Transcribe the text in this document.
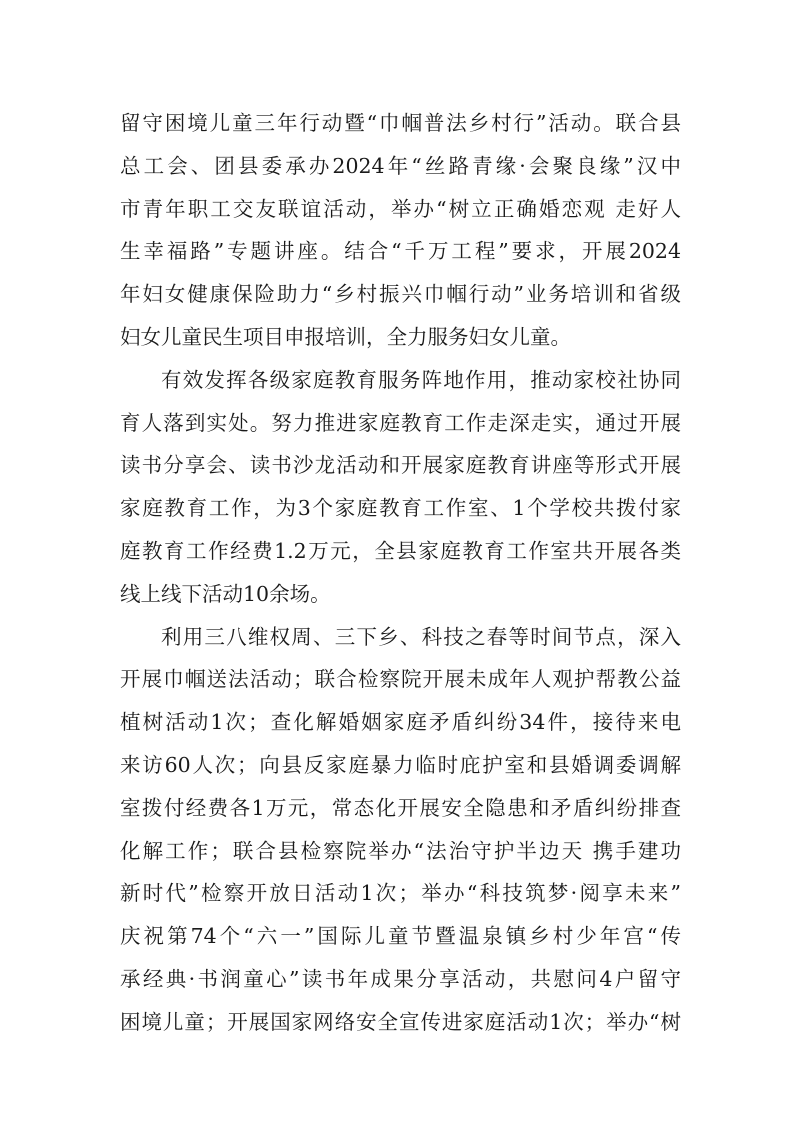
留守困境儿童三年行动暨“巾帼普法乡村行”活动。联合县
总工会、团县委承办2024年“丝路青缘·会聚良缘”汉中
市青年职工交友联谊活动，举办“树立正确婚恋观 走好人
生幸福路”专题讲座。结合“千万工程”要求，开展2024
年妇女健康保险助力“乡村振兴巾帼行动”业务培训和省级
妇女儿童民生项目申报培训，全力服务妇女儿童。
有效发挥各级家庭教育服务阵地作用，推动家校社协同
育人落到实处。努力推进家庭教育工作走深走实，通过开展
读书分享会、读书沙龙活动和开展家庭教育讲座等形式开展
家庭教育工作，为3个家庭教育工作室、1个学校共拨付家
庭教育工作经费1.2万元，全县家庭教育工作室共开展各类
线上线下活动10余场。
利用三八维权周、三下乡、科技之春等时间节点，深入
开展巾帼送法活动；联合检察院开展未成年人观护帮教公益
植树活动1次；查化解婚姻家庭矛盾纠纷34件，接待来电
来访60人次；向县反家庭暴力临时庇护室和县婚调委调解
室拨付经费各1万元，常态化开展安全隐患和矛盾纠纷排查
化解工作；联合县检察院举办“法治守护半边天 携手建功
新时代”检察开放日活动1次；举办“科技筑梦·阅享未来”
庆祝第74个“六一”国际儿童节暨温泉镇乡村少年宫“传
承经典·书润童心”读书年成果分享活动，共慰问4户留守
困境儿童；开展国家网络安全宣传进家庭活动1次；举办“树
